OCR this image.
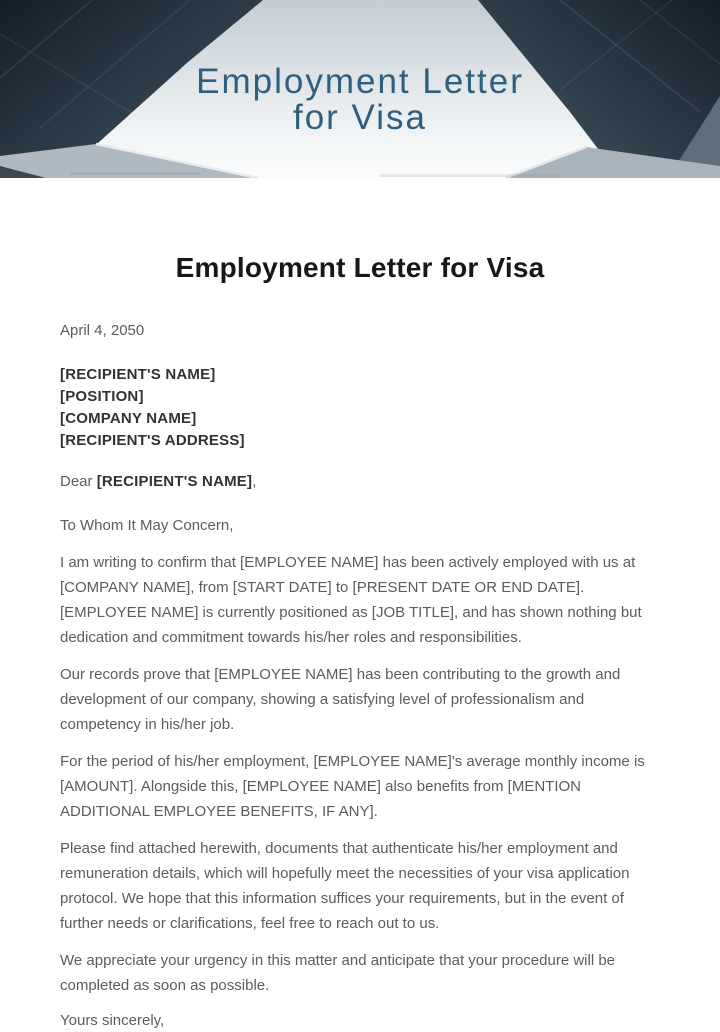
Employment Letter
for Visa
Employment Letter for Visa
April 4, 2050
[RECIPIENT'S NAME]
[POSITION]
[COMPANY NAME]
[RECIPIENT'S ADDRESS]
Dear [RECIPIENT'S NAME],

To Whom It May Concern,

I am writing to confirm that [EMPLOYEE NAME] has been actively employed with us at [COMPANY NAME], from [START DATE] to [PRESENT DATE OR END DATE]. [EMPLOYEE NAME] is currently positioned as [JOB TITLE], and has shown nothing but dedication and commitment towards his/her roles and responsibilities.

Our records prove that [EMPLOYEE NAME] has been contributing to the growth and development of our company, showing a satisfying level of professionalism and competency in his/her job.

For the period of his/her employment, [EMPLOYEE NAME]'s average monthly income is [AMOUNT]. Alongside this, [EMPLOYEE NAME] also benefits from [MENTION ADDITIONAL EMPLOYEE BENEFITS, IF ANY].

Please find attached herewith, documents that authenticate his/her employment and remuneration details, which will hopefully meet the necessities of your visa application protocol. We hope that this information suffices your requirements, but in the event of further needs or clarifications, feel free to reach out to us.

We appreciate your urgency in this matter and anticipate that your procedure will be completed as soon as possible.

Yours sincerely,
